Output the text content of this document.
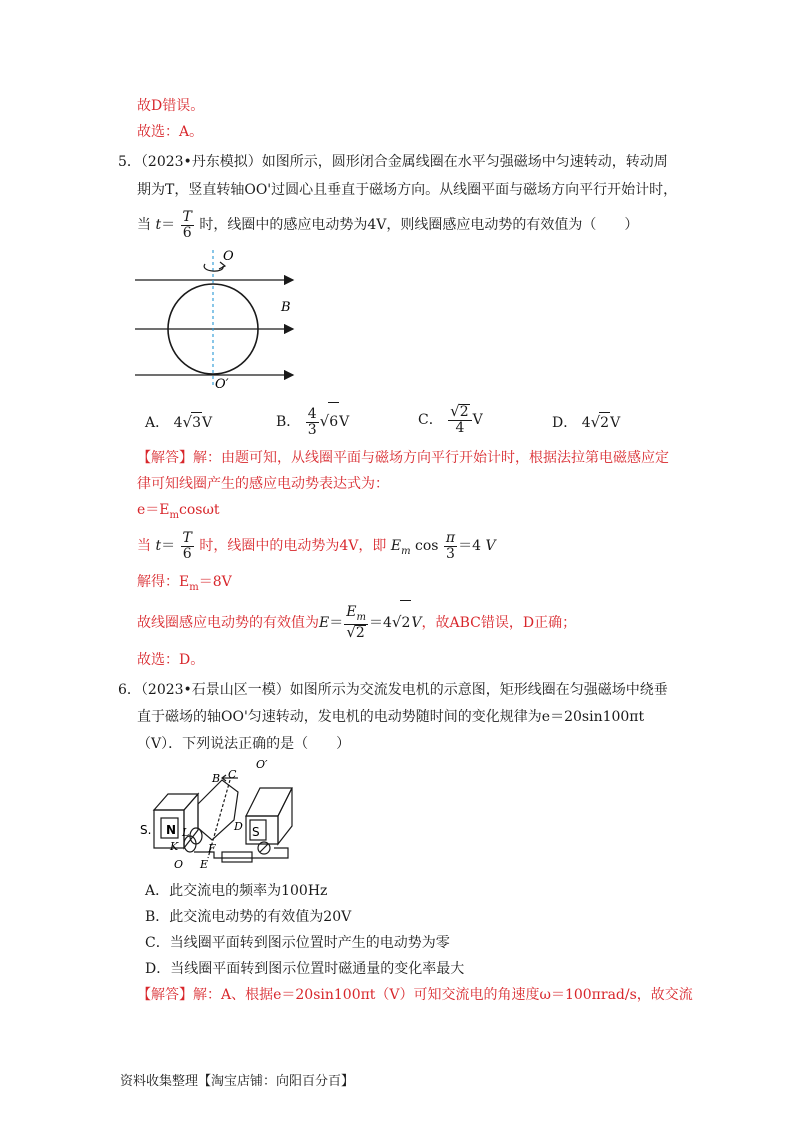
故D错误。
故选：A。
5．（2023•丹东模拟）如图所示，圆形闭合金属线圈在水平匀强磁场中匀速转动，转动周
期为T，竖直转轴OO'过圆心且垂直于磁场方向。从线圈平面与磁场方向平行开始计时，
当 $t= \frac{T}{6}$ 时，线圈中的感应电动势为4V，则线圈感应电动势的有效值为（　　）
O
B
O′
A． 4√3V	B． $\frac{4}{3} √6V$	C． $\frac{√2}{4}$ V	D． 4√2V
【解答】解：由题可知，从线圈平面与磁场方向平行开始计时，根据法拉第电磁感应定
律可知线圈产生的感应电动势表达式为：
$e=E_m\cos\omega t$
当 $t= \frac{T}{6}$ 时，线圈中的电动势为4V，即 $E_m$ $\cos \frac{\pi}{3} =4$ V
解得：$E_m=8V$
故线圈感应电动势的有效值为$E= \frac{E_m}{√2} =4√2V$，故ABC错误，D正确；
故选：D。
6．（2023•石景山区一模）如图所示为交流发电机的示意图，矩形线圈在匀强磁场中绕垂
直于磁场的轴OO'匀速转动，发电机的电动势随时间的变化规律为e＝20sin100πt
（V）．下列说法正确的是（　　）
N	S
S.
B C
O′
D
L
K	F
O E
A．此交流电的频率为100Hz
B．此交流电动势的有效值为20V
C．当线圈平面转到图示位置时产生的电动势为零
D．当线圈平面转到图示位置时磁通量的变化率最大
【解答】解：A、根据e＝20sin100πt（V）可知交流电的角速度ω＝100πrad/s，故交流
资料收集整理【淘宝店铺：向阳百分百】
